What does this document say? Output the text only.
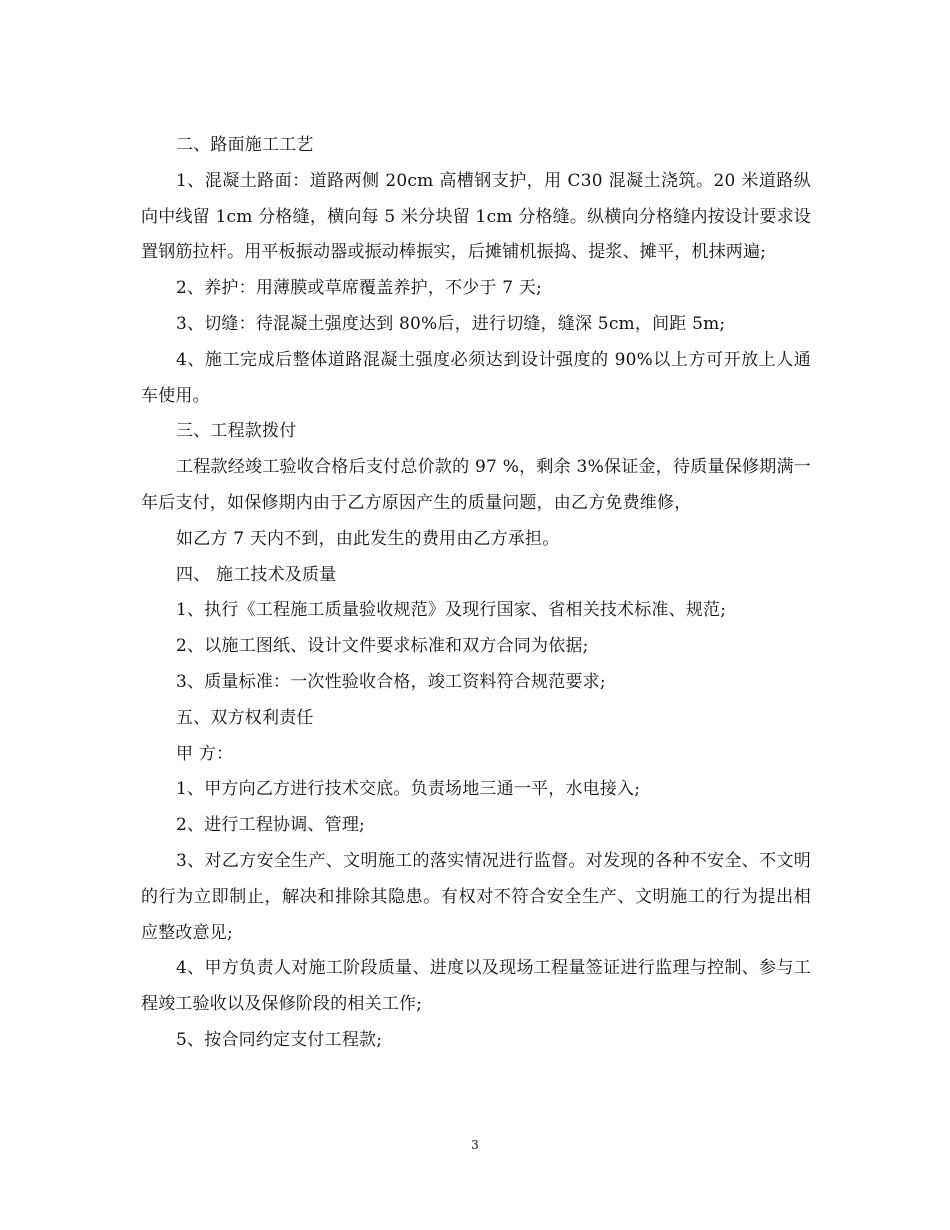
二、路面施工工艺

1、混凝土路面：道路两侧 20cm 高槽钢支护，用 C30 混凝土浇筑。20 米道路纵向中线留 1cm 分格缝，横向每 5 米分块留 1cm 分格缝。纵横向分格缝内按设计要求设置钢筋拉杆。用平板振动器或振动棒振实，后摊铺机振捣、提浆、摊平，机抹两遍;

2、养护：用薄膜或草席覆盖养护，不少于 7 天;

3、切缝：待混凝土强度达到 80%后，进行切缝，缝深 5cm，间距 5m;

4、施工完成后整体道路混凝土强度必须达到设计强度的 90%以上方可开放上人通车使用。

三、工程款拨付

工程款经竣工验收合格后支付总价款的 97 %，剩余 3%保证金，待质量保修期满一年后支付，如保修期内由于乙方原因产生的质量问题，由乙方免费维修，

如乙方 7 天内不到，由此发生的费用由乙方承担。

四、 施工技术及质量

1、执行《工程施工质量验收规范》及现行国家、省相关技术标准、规范;

2、以施工图纸、设计文件要求标准和双方合同为依据;

3、质量标准：一次性验收合格，竣工资料符合规范要求;

五、双方权利责任

甲 方：

1、甲方向乙方进行技术交底。负责场地三通一平，水电接入;

2、进行工程协调、管理;

3、对乙方安全生产、文明施工的落实情况进行监督。对发现的各种不安全、不文明的行为立即制止，解决和排除其隐患。有权对不符合安全生产、文明施工的行为提出相应整改意见;

4、甲方负责人对施工阶段质量、进度以及现场工程量签证进行监理与控制、参与工程竣工验收以及保修阶段的相关工作;

5、按合同约定支付工程款;

3
